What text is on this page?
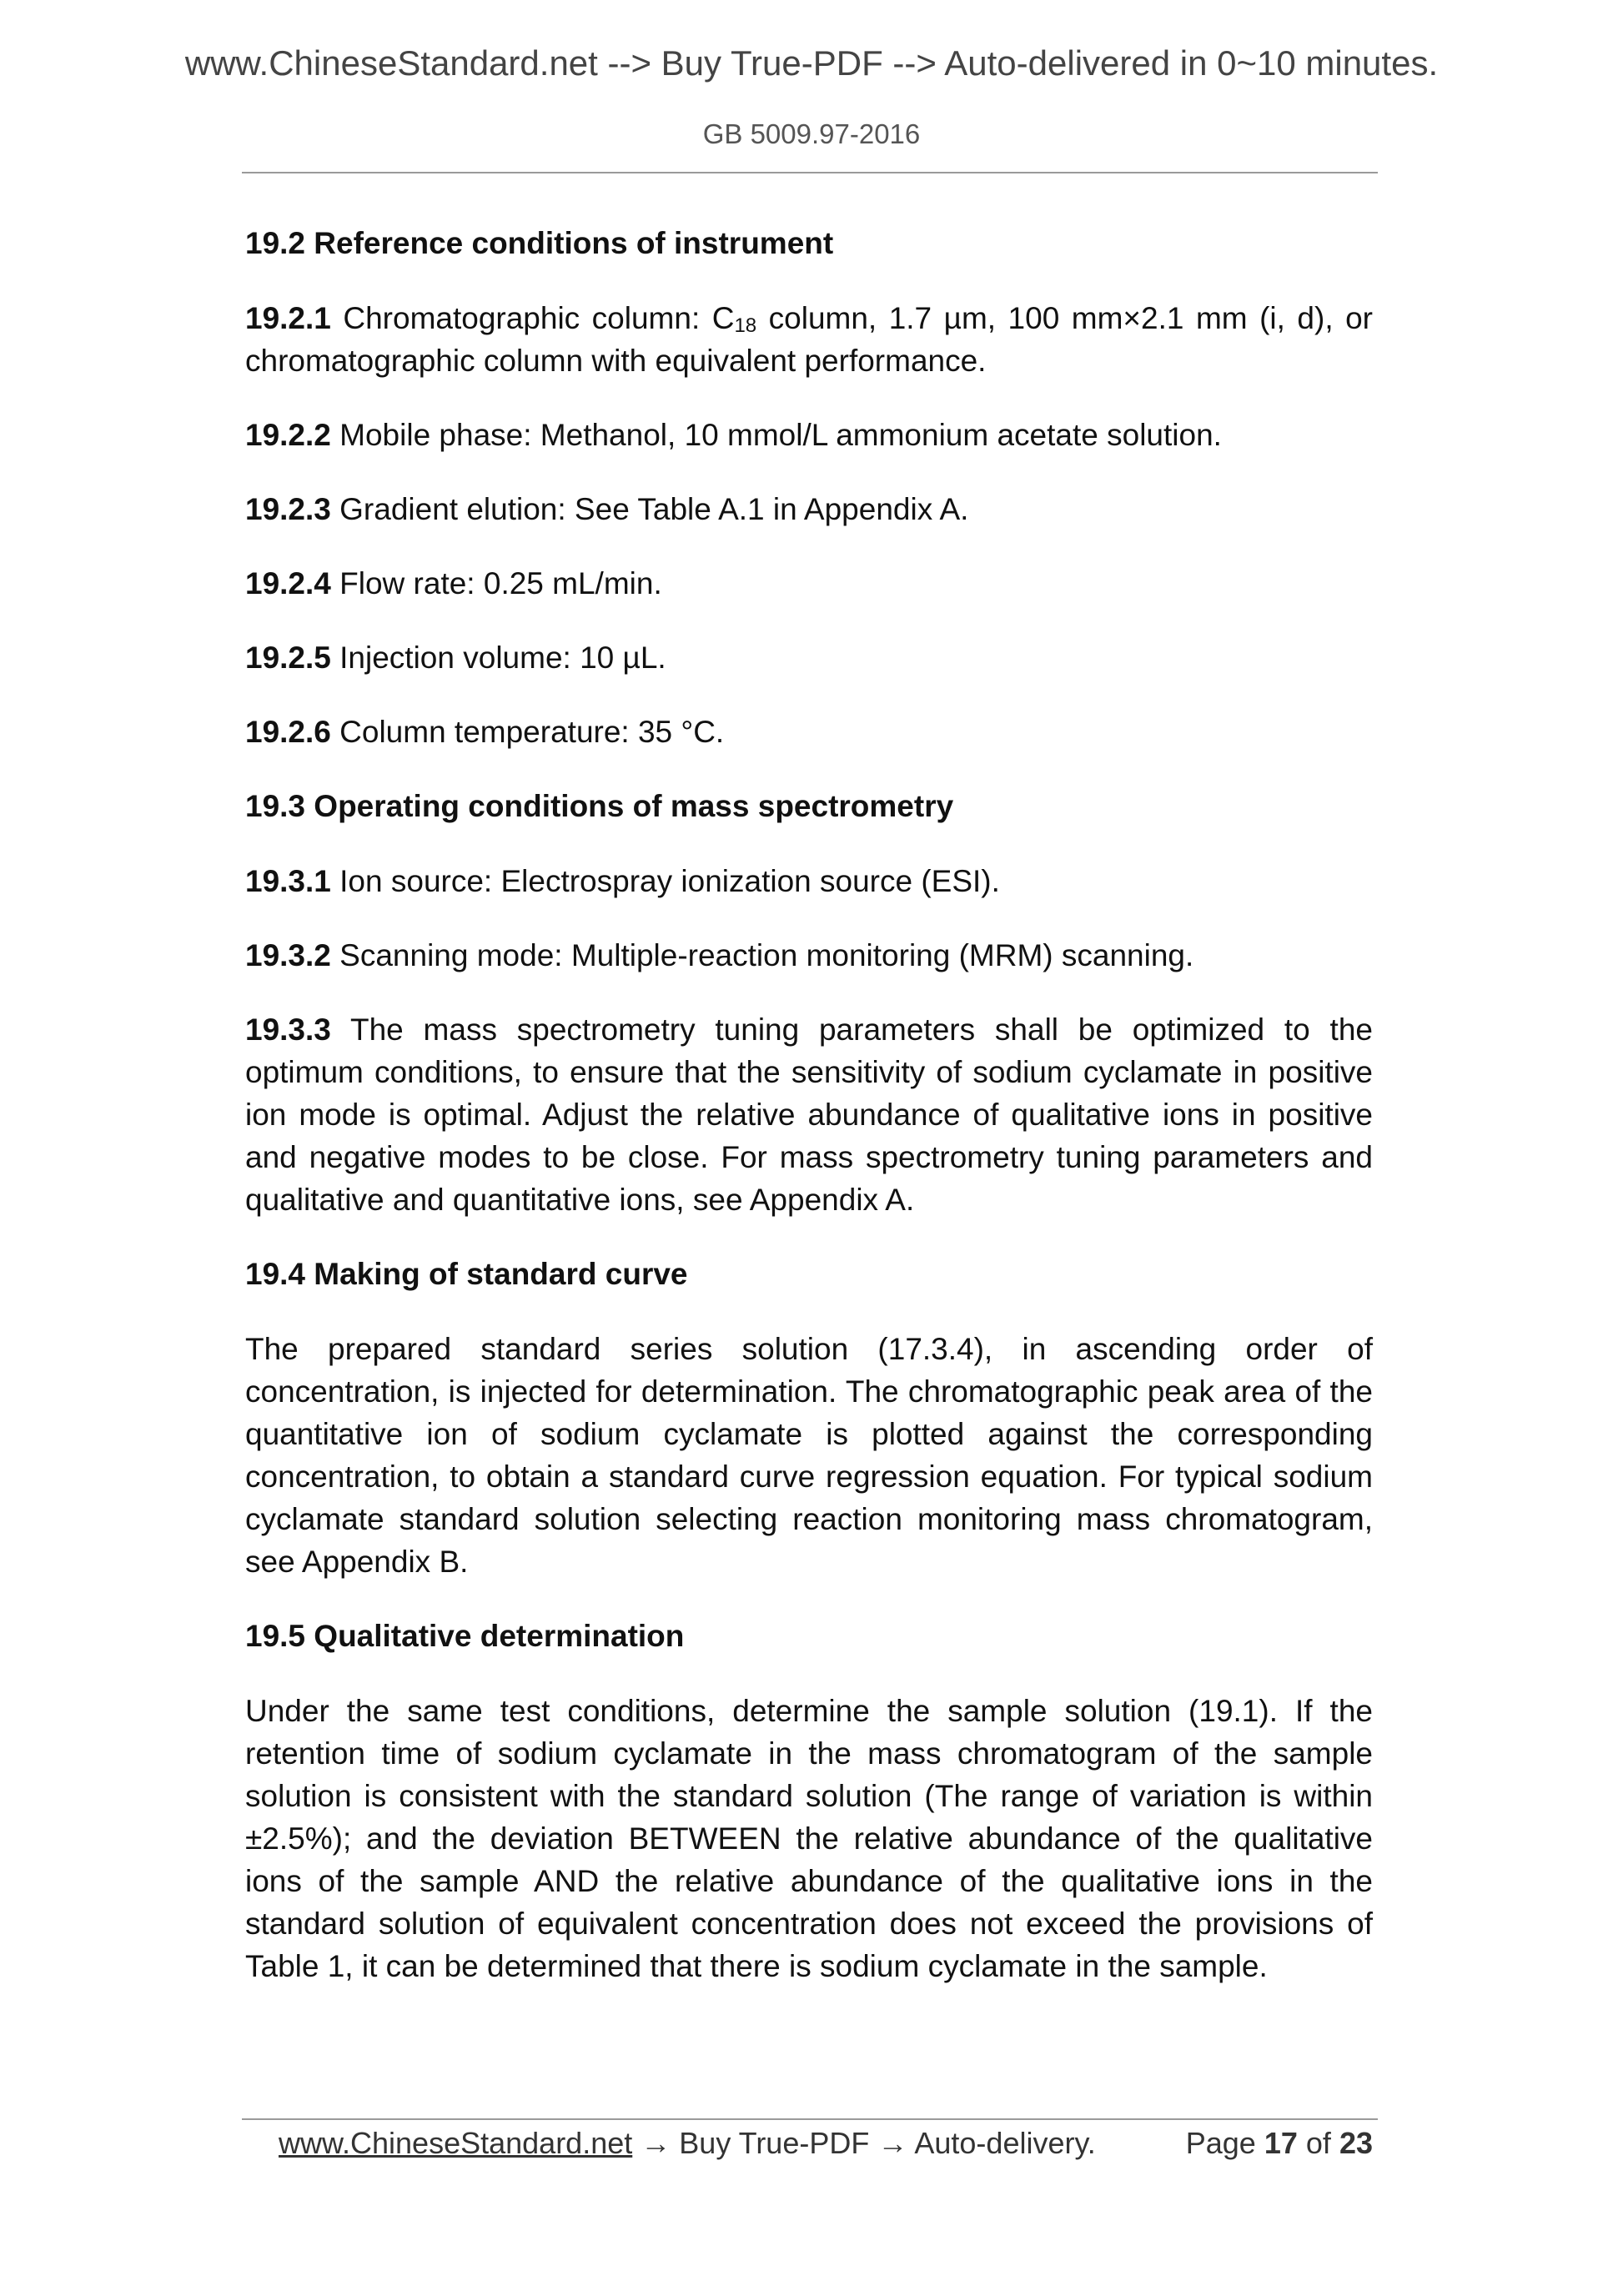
www.ChineseStandard.net --> Buy True-PDF --> Auto-delivered in 0~10 minutes.
GB 5009.97-2016
19.2 Reference conditions of instrument

19.2.1 Chromatographic column: $C_{18}$ column, 1.7 µm, 100 mm×2.1 mm (i, d), or chromatographic column with equivalent performance.

19.2.2 Mobile phase: Methanol, 10 mmol/L ammonium acetate solution.

19.2.3 Gradient elution: See Table A.1 in Appendix A.

19.2.4 Flow rate: 0.25 mL/min.

19.2.5 Injection volume: 10 µL.

19.2.6 Column temperature: 35 °C.

19.3 Operating conditions of mass spectrometry

19.3.1 Ion source: Electrospray ionization source (ESI).

19.3.2 Scanning mode: Multiple-reaction monitoring (MRM) scanning.

19.3.3 The mass spectrometry tuning parameters shall be optimized to the optimum conditions, to ensure that the sensitivity of sodium cyclamate in positive ion mode is optimal. Adjust the relative abundance of qualitative ions in positive and negative modes to be close. For mass spectrometry tuning parameters and qualitative and quantitative ions, see Appendix A.

19.4 Making of standard curve

The prepared standard series solution (17.3.4), in ascending order of concentration, is injected for determination. The chromatographic peak area of the quantitative ion of sodium cyclamate is plotted against the corresponding concentration, to obtain a standard curve regression equation. For typical sodium cyclamate standard solution selecting reaction monitoring mass chromatogram, see Appendix B.

19.5 Qualitative determination

Under the same test conditions, determine the sample solution (19.1). If the retention time of sodium cyclamate in the mass chromatogram of the sample solution is consistent with the standard solution (The range of variation is within ±2.5%); and the deviation BETWEEN the relative abundance of the qualitative ions of the sample AND the relative abundance of the qualitative ions in the standard solution of equivalent concentration does not exceed the provisions of Table 1, it can be determined that there is sodium cyclamate in the sample.

www.ChineseStandard.net → Buy True-PDF → Auto-delivery.	Page 17 of 23
